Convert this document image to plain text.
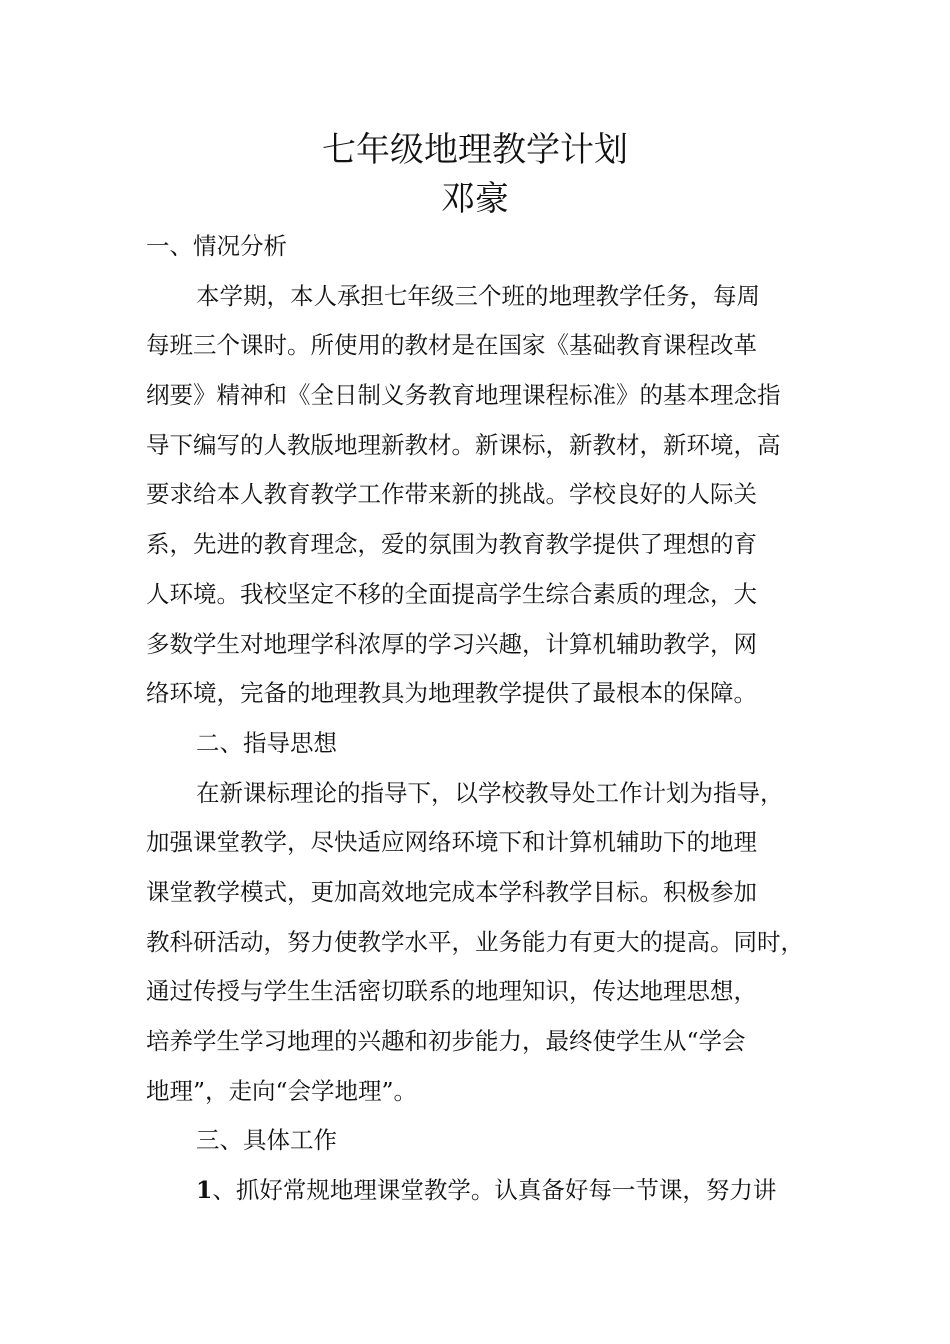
七年级地理教学计划
邓豪
一、情况分析
本学期，本人承担七年级三个班的地理教学任务，每周
每班三个课时。所使用的教材是在国家《基础教育课程改革
纲要》精神和《全日制义务教育地理课程标准》的基本理念指
导下编写的人教版地理新教材。新课标，新教材，新环境，高
要求给本人教育教学工作带来新的挑战。学校良好的人际关
系，先进的教育理念，爱的氛围为教育教学提供了理想的育
人环境。我校坚定不移的全面提高学生综合素质的理念，大
多数学生对地理学科浓厚的学习兴趣，计算机辅助教学，网
络环境，完备的地理教具为地理教学提供了最根本的保障。
二、指导思想
在新课标理论的指导下，以学校教导处工作计划为指导，
加强课堂教学，尽快适应网络环境下和计算机辅助下的地理
课堂教学模式，更加高效地完成本学科教学目标。积极参加
教科研活动，努力使教学水平，业务能力有更大的提高。同时，
通过传授与学生生活密切联系的地理知识，传达地理思想，
培养学生学习地理的兴趣和初步能力，最终使学生从“学会
地理”，走向“会学地理”。
三、具体工作
1、抓好常规地理课堂教学。认真备好每一节课，努力讲
